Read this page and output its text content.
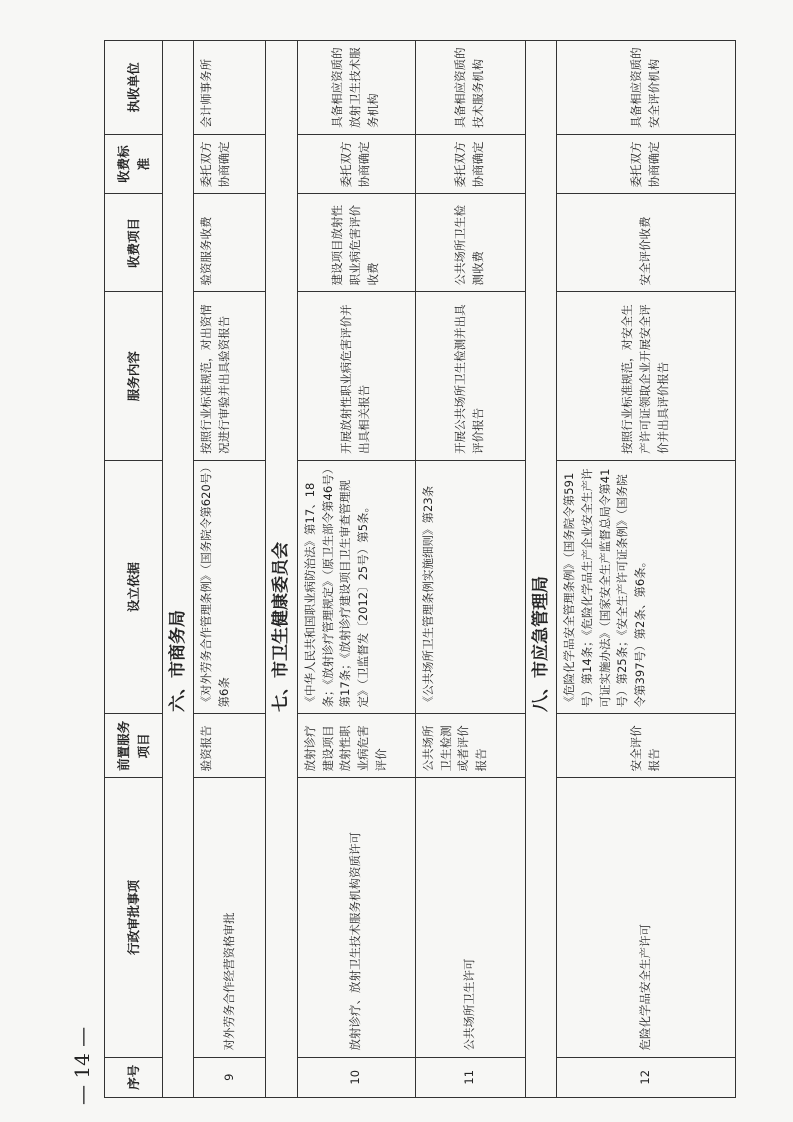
序号	行政审批事项	前置服务项目	设立依据	服务内容	收费项目	收费标准	执收单位
			六、市商务局				
9	对外劳务合作经营资格审批	验资报告	《对外劳务合作管理条例》（国务院令第620号）第6条	按照行业标准规范，对出资情况进行审验并出具验资报告	验资服务收费	委托双方协商确定	会计师事务所
			七、市卫生健康委员会				
10	放射诊疗、放射卫生技术服务机构资质许可	放射诊疗建设项目放射性职业病危害评价	《中华人民共和国职业病防治法》第17、18条；《放射诊疗管理规定》（原卫生部令第46号）第17条；《放射诊疗建设项目卫生审查管理规定》（卫监督发〔2012〕25号）第5条。	开展放射性职业病危害评价并出具相关报告	建设项目放射性职业病危害评价收费	委托双方协商确定	具备相应资质的放射卫生技术服务机构
11	公共场所卫生许可	公共场所卫生检测或者评价报告	《公共场所卫生管理条例实施细则》第23条	开展公共场所卫生检测并出具评价报告	公共场所卫生检测收费	委托双方协商确定	具备相应资质的技术服务机构
			八、市应急管理局				
12	危险化学品安全生产许可	安全评价报告	《危险化学品安全管理条例》（国务院令第591号）第14条；《危险化学品生产企业安全生产许可证实施办法》（国家安全生产监督总局令第41号）第25条；《安全生产许可证条例》（国务院令第397号）第2条、第6条。	按照行业标准规范，对安全生产许可证领取企业开展安全评价并出具评价报告	安全评价收费	委托双方协商确定	具备相应资质的安全评价机构
— 14 —
